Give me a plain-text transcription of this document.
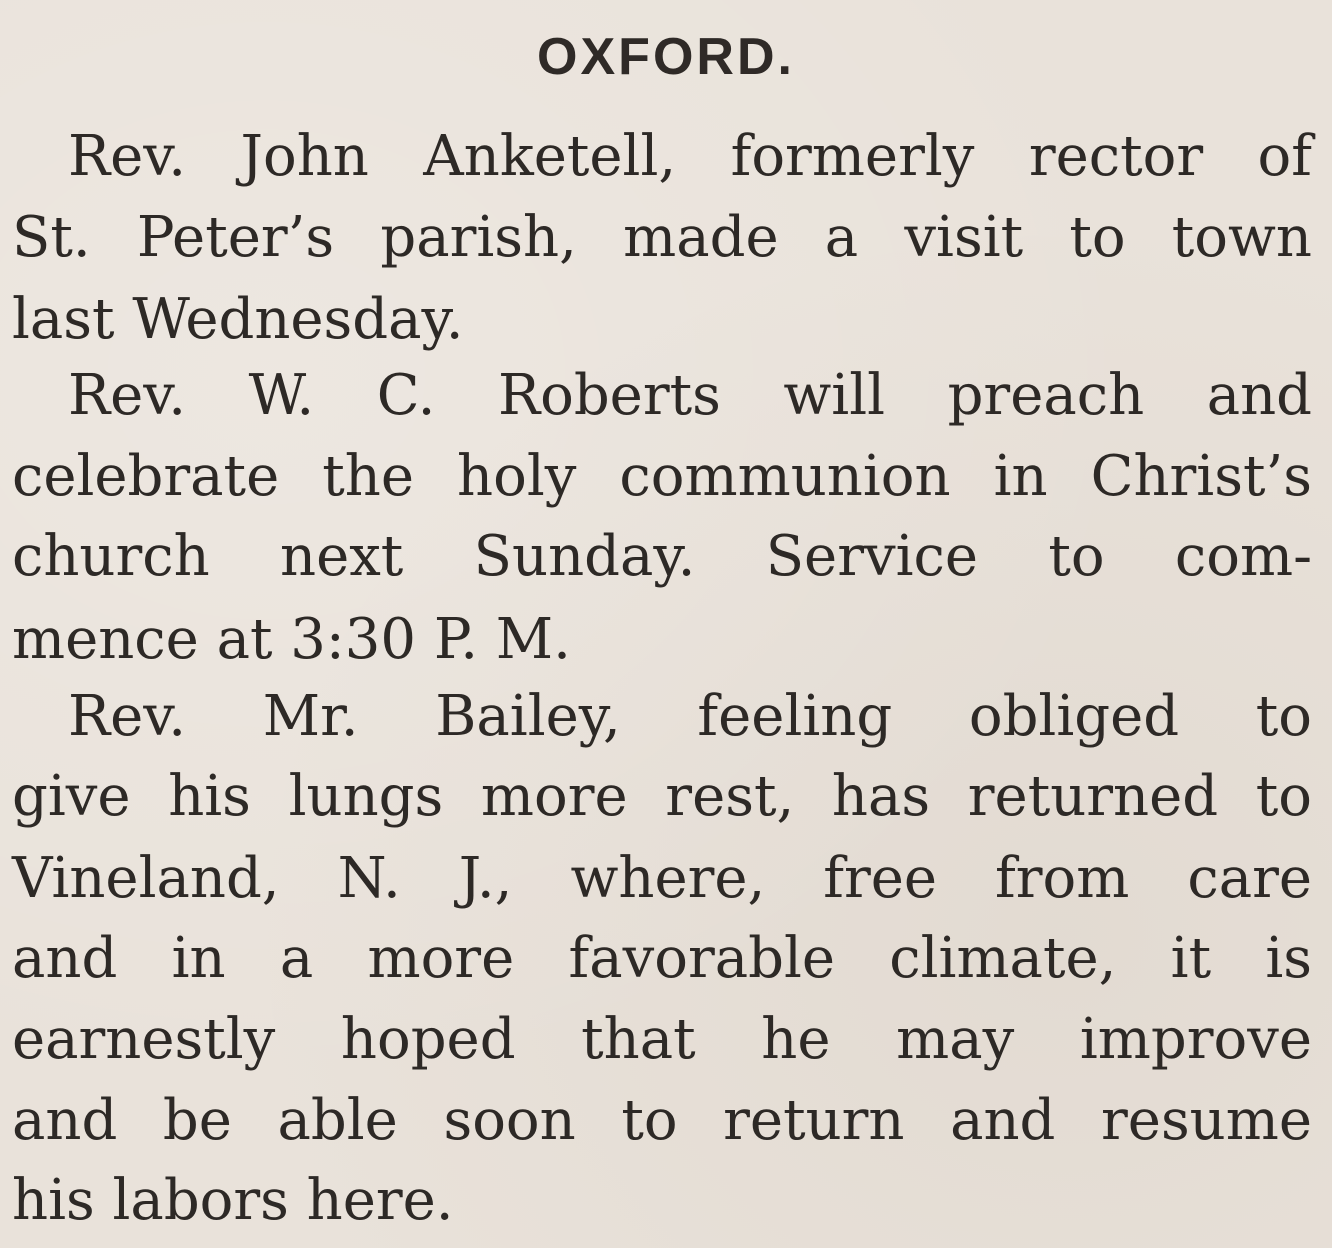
OXFORD.
Rev. John Anketell, formerly rector of
St. Peter’s parish, made a visit to town
last Wednesday.
Rev. W. C. Roberts will preach and
celebrate the holy communion in Christ’s
church next Sunday. Service to com-
mence at 3:30 P. M.
Rev. Mr. Bailey, feeling obliged to
give his lungs more rest, has returned to
Vineland, N. J., where, free from care
and in a more favorable climate, it is
earnestly hoped that he may improve
and be able soon to return and resume
his labors here.
